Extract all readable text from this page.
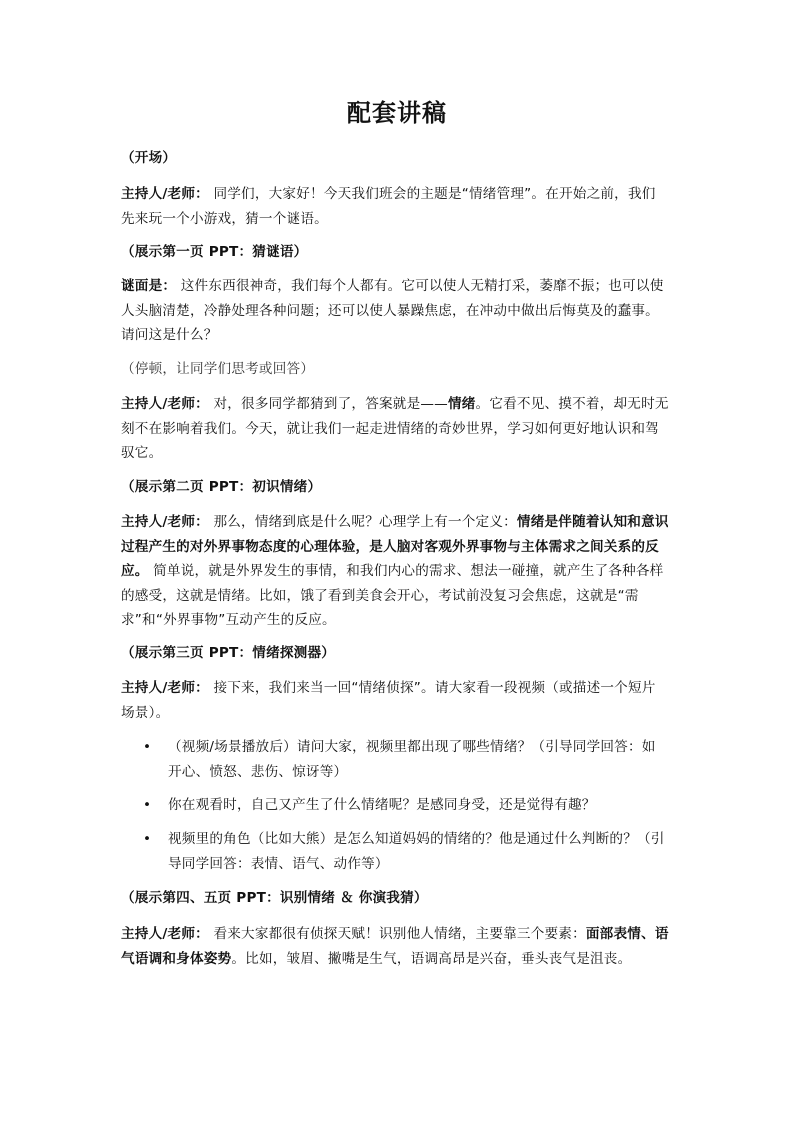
配套讲稿

（开场）

主持人/老师： 同学们，大家好！今天我们班会的主题是“情绪管理”。在开始之前，我们先来玩一个小游戏，猜一个谜语。

（展示第一页 PPT：猜谜语）

谜面是： 这件东西很神奇，我们每个人都有。它可以使人无精打采，萎靡不振；也可以使人头脑清楚，冷静处理各种问题；还可以使人暴躁焦虑，在冲动中做出后悔莫及的蠢事。请问这是什么？

（停顿，让同学们思考或回答）

主持人/老师： 对，很多同学都猜到了，答案就是——情绪。它看不见、摸不着，却无时无刻不在影响着我们。今天，就让我们一起走进情绪的奇妙世界，学习如何更好地认识和驾驭它。

（展示第二页 PPT：初识情绪）

主持人/老师： 那么，情绪到底是什么呢？心理学上有一个定义：情绪是伴随着认知和意识过程产生的对外界事物态度的心理体验，是人脑对客观外界事物与主体需求之间关系的反应。 简单说，就是外界发生的事情，和我们内心的需求、想法一碰撞，就产生了各种各样的感受，这就是情绪。比如，饿了看到美食会开心，考试前没复习会焦虑，这就是“需求”和“外界事物”互动产生的反应。

（展示第三页 PPT：情绪探测器）

主持人/老师： 接下来，我们来当一回“情绪侦探”。请大家看一段视频（或描述一个短片场景）。

• （视频/场景播放后）请问大家，视频里都出现了哪些情绪？（引导同学回答：如开心、愤怒、悲伤、惊讶等）
• 你在观看时，自己又产生了什么情绪呢？是感同身受，还是觉得有趣？
• 视频里的角色（比如大熊）是怎么知道妈妈的情绪的？他是通过什么判断的？（引导同学回答：表情、语气、动作等）

（展示第四、五页 PPT：识别情绪 ＆ 你演我猜）

主持人/老师： 看来大家都很有侦探天赋！识别他人情绪，主要靠三个要素：面部表情、语气语调和身体姿势。比如，皱眉、撇嘴是生气，语调高昂是兴奋，垂头丧气是沮丧。
